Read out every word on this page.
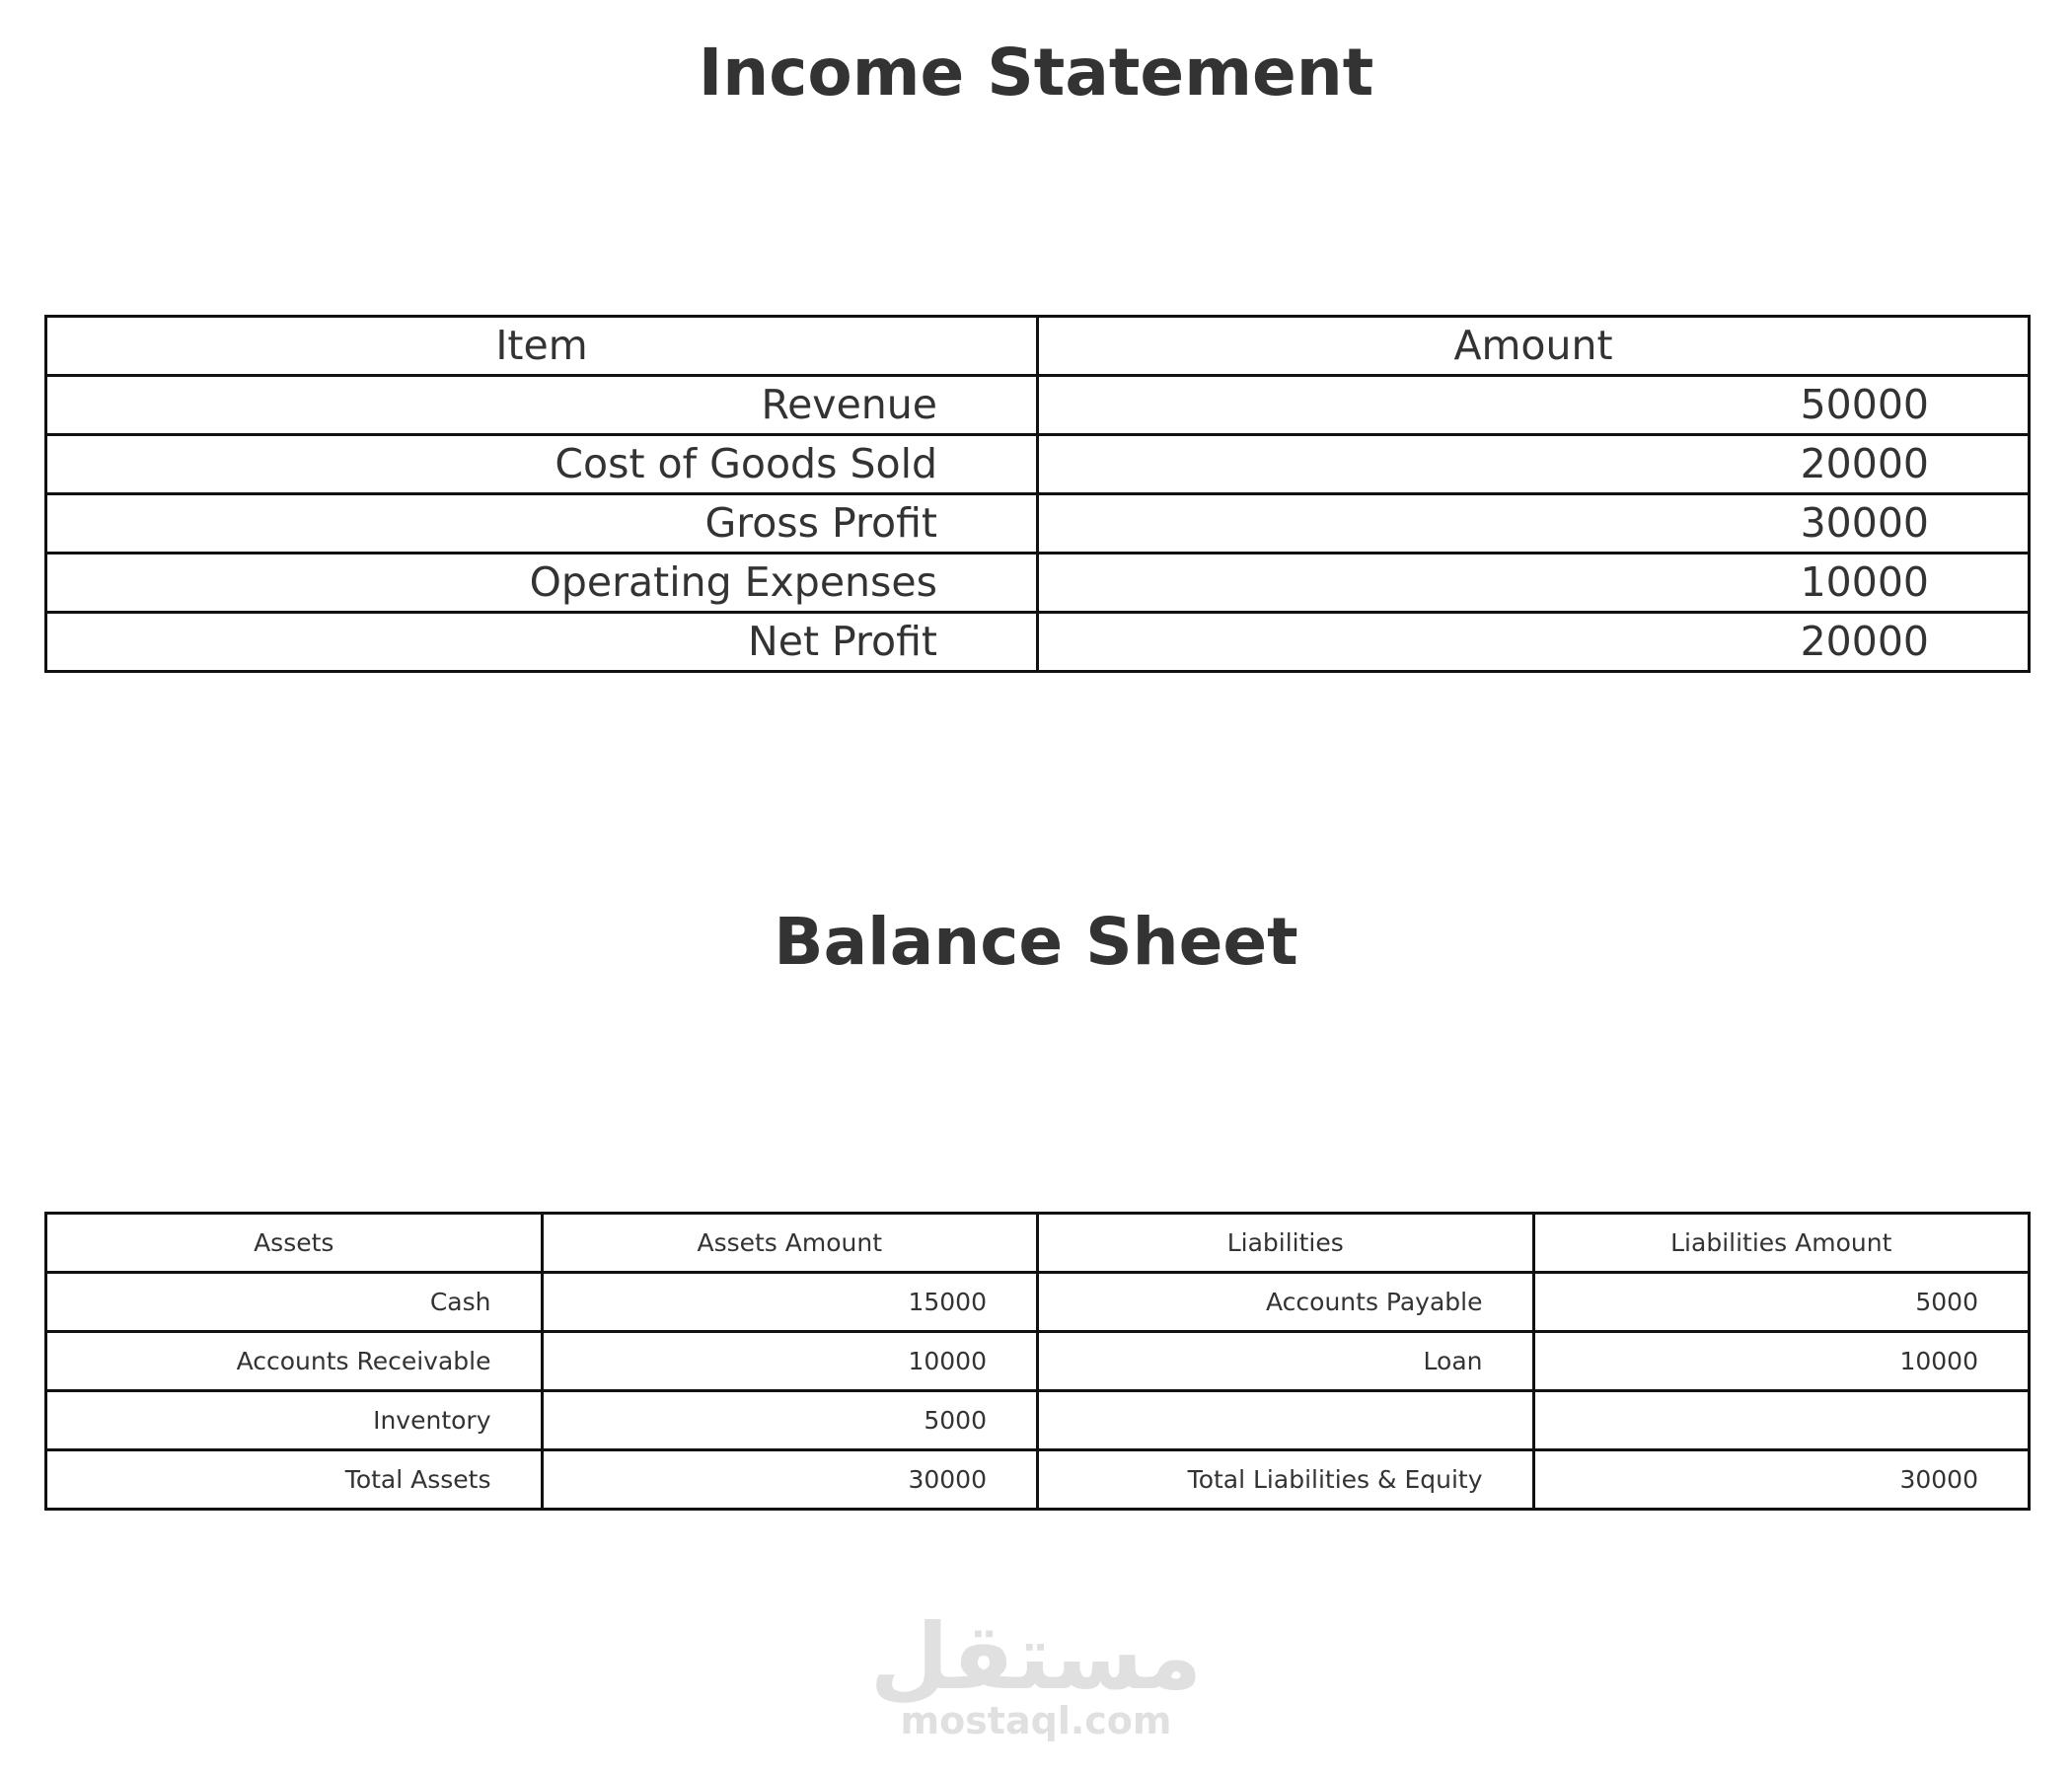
Income Statement
Item	Amount
Revenue	50000
Cost of Goods Sold	20000
Gross Profit	30000
Operating Expenses	10000
Net Profit	20000
Balance Sheet
Assets	Assets Amount	Liabilities	Liabilities Amount
Cash	15000	Accounts Payable	5000
Accounts Receivable	10000	Loan	10000
Inventory	5000		
Total Assets	30000	Total Liabilities & Equity	30000
مستقل
mostaql.com
